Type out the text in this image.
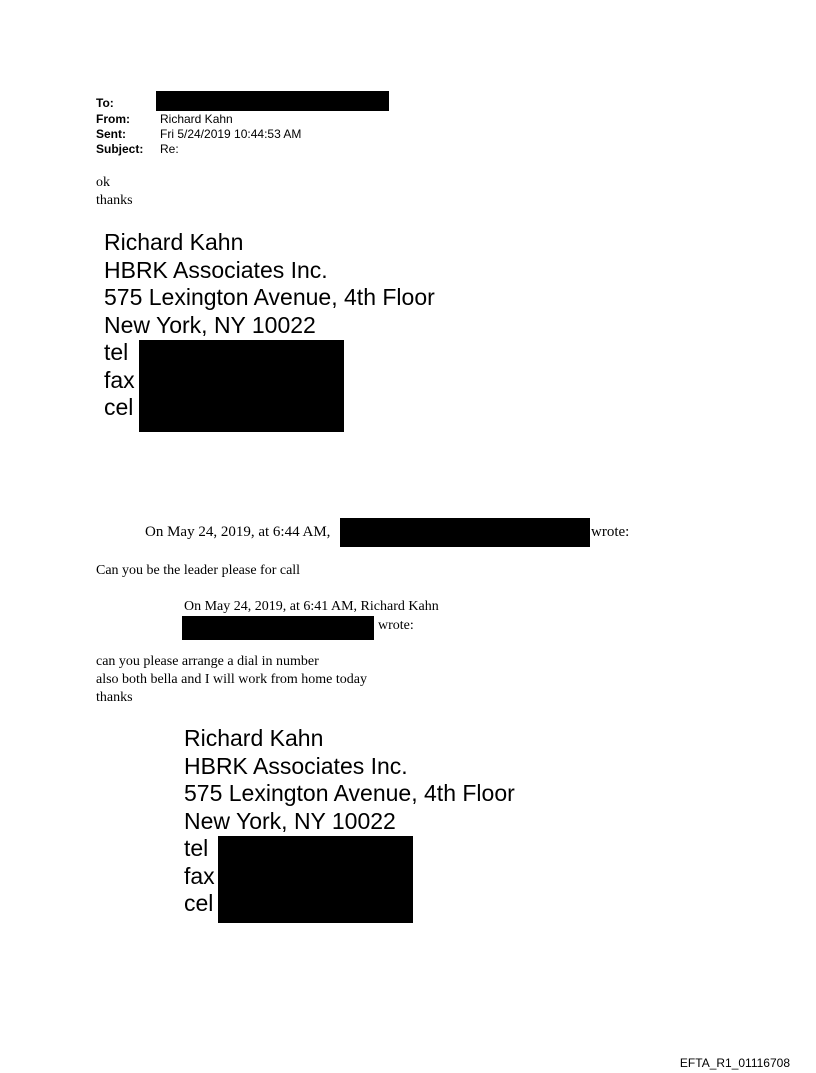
To:
From:	Richard Kahn
Sent:	Fri 5/24/2019 10:44:53 AM
Subject: Re:
ok
thanks
Richard Kahn
HBRK Associates Inc.
575 Lexington Avenue, 4th Floor
New York, NY 10022
tel
fax
cel
On May 24, 2019, at 6:44 AM,	wrote:
Can you be the leader please for call
On May 24, 2019, at 6:41 AM, Richard Kahn
wrote:
can you please arrange a dial in number
also both bella and I will work from home today
thanks
Richard Kahn
HBRK Associates Inc.
575 Lexington Avenue, 4th Floor
New York, NY 10022
tel
fax
cel
EFTA_R1_01116708
